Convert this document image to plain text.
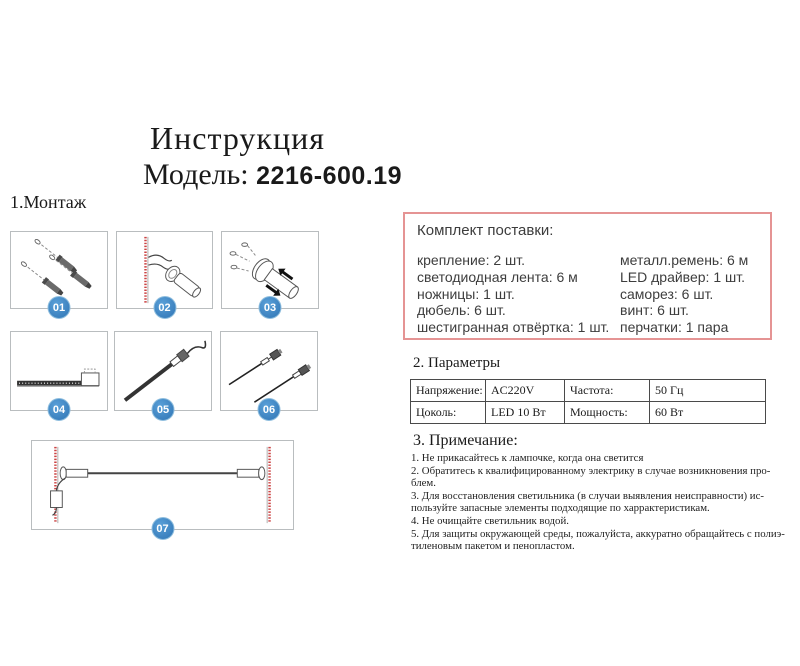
Инструкция
Модель: 2216-600.19
1.Монтаж
01	02	03
04	05	06
07
Комплект поставки:
крепление: 2 шт.
светодиодная лента: 6 м
ножницы: 1 шт.
дюбель: 6 шт.
шестигранная отвёртка: 1 шт.
металл.ремень: 6 м
LED драйвер: 1 шт.
саморез: 6 шт.
винт: 6 шт.
перчатки: 1 пара
2. Параметры
Напряжение:	AC220V	Частота:	50 Гц
Цоколь:	LED 10 Вт	Мощность:	60 Вт
3. Примечание:
1. Не прикасайтесь к лампочке, когда она светится
2. Обратитесь к квалифицированному электрику в случае возникновения про-
блем.
3. Для восстановления светильника (в случаи выявления неисправности) ис-
пользуйте запасные элементы подходящие по харрактеристикам.
4. Не очищайте светильник водой.
5. Для защиты окружающей среды, пожалуйста, аккуратно обращайтесь с полиэ-
тиленовым пакетом и пенопластом.
